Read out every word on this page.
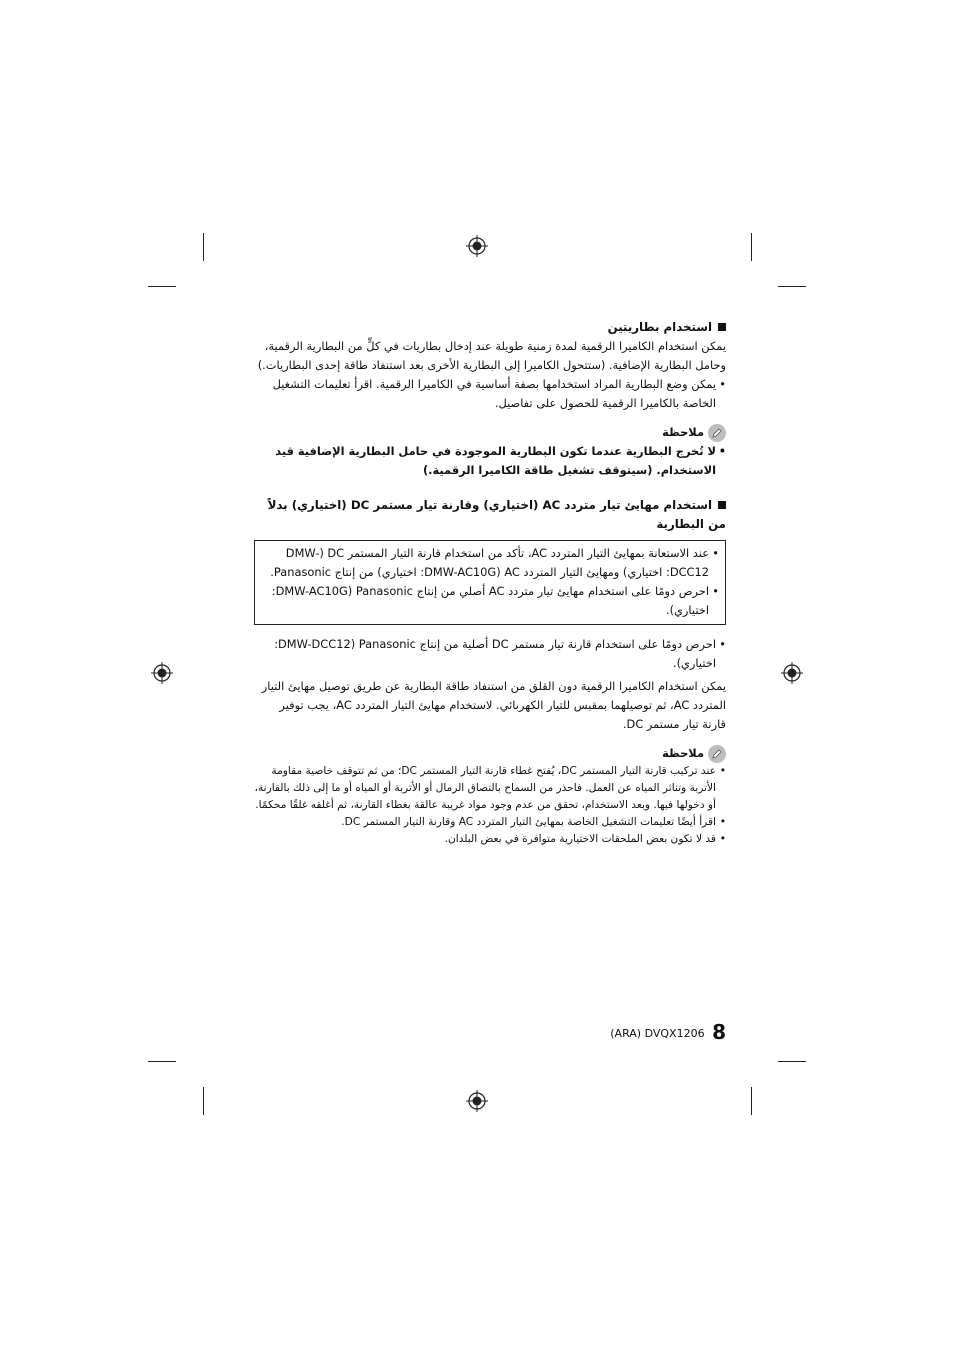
استخدام بطاريتين

يمكن استخدام الكاميرا الرقمية لمدة زمنية طويلة عند إدخال بطاريات في كلٍّ من البطارية الرقمية، وحامل البطارية الإضافية. (ستتحول الكاميرا إلى البطارية الأخرى بعد استنفاد طاقة إحدى البطاريات.)

• يمكن وضع البطارية المراد استخدامها بصفة أساسية في الكاميرا الرقمية. اقرأ تعليمات التشغيل الخاصة بالكاميرا الرقمية للحصول على تفاصيل.

ملاحظة

• لا تُخرج البطارية عندما تكون البطارية الموجودة في حامل البطارية الإضافية قيد الاستخدام. (سيتوقف تشغيل طاقة الكاميرا الرقمية.)

استخدام مهايئ تيار متردد AC (اختياري) وقارنة تيار مستمر DC (اختياري) بدلاً من البطارية

• عند الاستعانة بمهايئ التيار المتردد AC، تأكد من استخدام قارنة التيار المستمر DC (DMW-DCC12: اختياري) ومهايئ التيار المتردد AC (DMW-AC10G: اختياري) من إنتاج Panasonic.

• احرص دومًا على استخدام مهايئ تيار متردد AC أصلي من إنتاج Panasonic (DMW-AC10G: اختياري).

• احرص دومًا على استخدام قارنة تيار مستمر DC أصلية من إنتاج Panasonic (DMW-DCC12: اختياري).

يمكن استخدام الكاميرا الرقمية دون القلق من استنفاد طاقة البطارية عن طريق توصيل مهايئ التيار المتردد AC، ثم توصيلهما بمقبس للتيار الكهربائي. لاستخدام مهايئ التيار المتردد AC، يجب توفير قارنة تيار مستمر DC.

ملاحظة

• عند تركيب قارنة التيار المستمر DC، يُفتح غطاء قارنة التيار المستمر DC؛ من ثم تتوقف خاصية مقاومة الأتربة وتناثر المياه عن العمل. فاحذر من السماح بالتصاق الرمال أو الأتربة أو المياه أو ما إلى ذلك بالقارنة، أو دخولها فيها. وبعد الاستخدام، تحقق من عدم وجود مواد غريبة عالقة بغطاء القارنة، ثم أغلقه غلقًا محكمًا.

• اقرأ أيضًا تعليمات التشغيل الخاصة بمهايئ التيار المتردد AC وقارنة التيار المستمر DC.

• قد لا تكون بعض الملحقات الاختيارية متوافرة في بعض البلدان.

(ARA) DVQX1206 8
